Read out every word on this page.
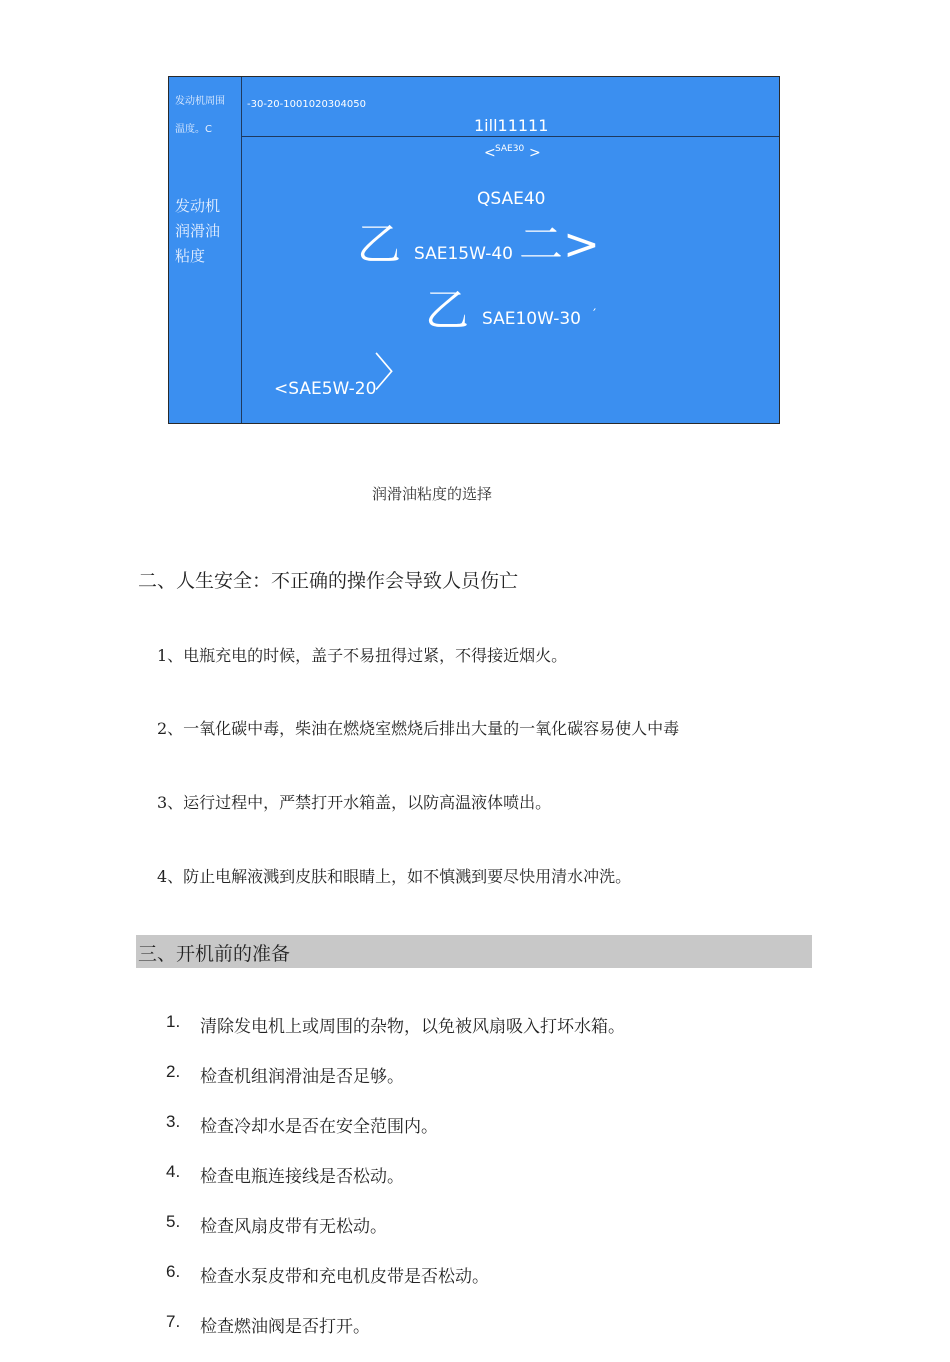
发动机周围
温度。C
-30-20-1001020304050
1ill11111
发动机
润滑油
粘度
< SAE30 >
QSAE40
乙 SAE15W-40 二>
乙 SAE10W-30 ′
<SAE5W-20
〉
润滑油粘度的选择
二、人生安全：不正确的操作会导致人员伤亡
1、电瓶充电的时候，盖子不易扭得过紧，不得接近烟火。
2、一氧化碳中毒，柴油在燃烧室燃烧后排出大量的一氧化碳容易使人中毒
3、运行过程中，严禁打开水箱盖，以防高温液体喷出。
4、防止电解液溅到皮肤和眼睛上，如不慎溅到要尽快用清水冲洗。
三、开机前的准备
1. 清除发电机上或周围的杂物，以免被风扇吸入打坏水箱。
2. 检查机组润滑油是否足够。
3. 检查冷却水是否在安全范围内。
4. 检查电瓶连接线是否松动。
5. 检查风扇皮带有无松动。
6. 检查水泵皮带和充电机皮带是否松动。
7. 检查燃油阀是否打开。
